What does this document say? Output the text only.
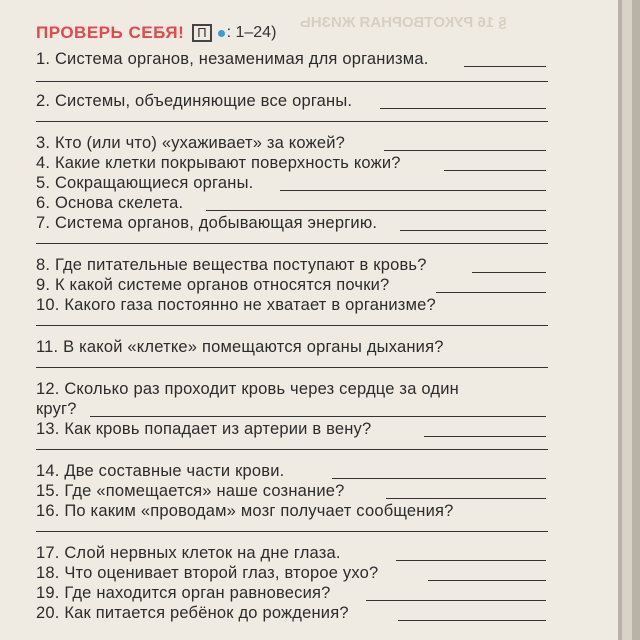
§ 16 РУКОТВОРНАЯ ЖИЗНЬ
ПРОВЕРЬ СЕБЯ!	П	: 1–24)
1. Система органов, незаменимая для организма.
2. Системы, объединяющие все органы.
3. Кто (или что) «ухаживает» за кожей?
4. Какие клетки покрывают поверхность кожи?
5. Сокращающиеся органы.
6. Основа скелета.
7. Система органов, добывающая энергию.
8. Где питательные вещества поступают в кровь?
9. К какой системе органов относятся почки?
10. Какого газа постоянно не хватает в организме?
11. В какой «клетке» помещаются органы дыхания?
12. Сколько раз проходит кровь через сердце за один
круг?
13. Как кровь попадает из артерии в вену?
14. Две составные части крови.
15. Где «помещается» наше сознание?
16. По каким «проводам» мозг получает сообщения?
17. Слой нервных клеток на дне глаза.
18. Что оценивает второй глаз, второе ухо?
19. Где находится орган равновесия?
20. Как питается ребёнок до рождения?
